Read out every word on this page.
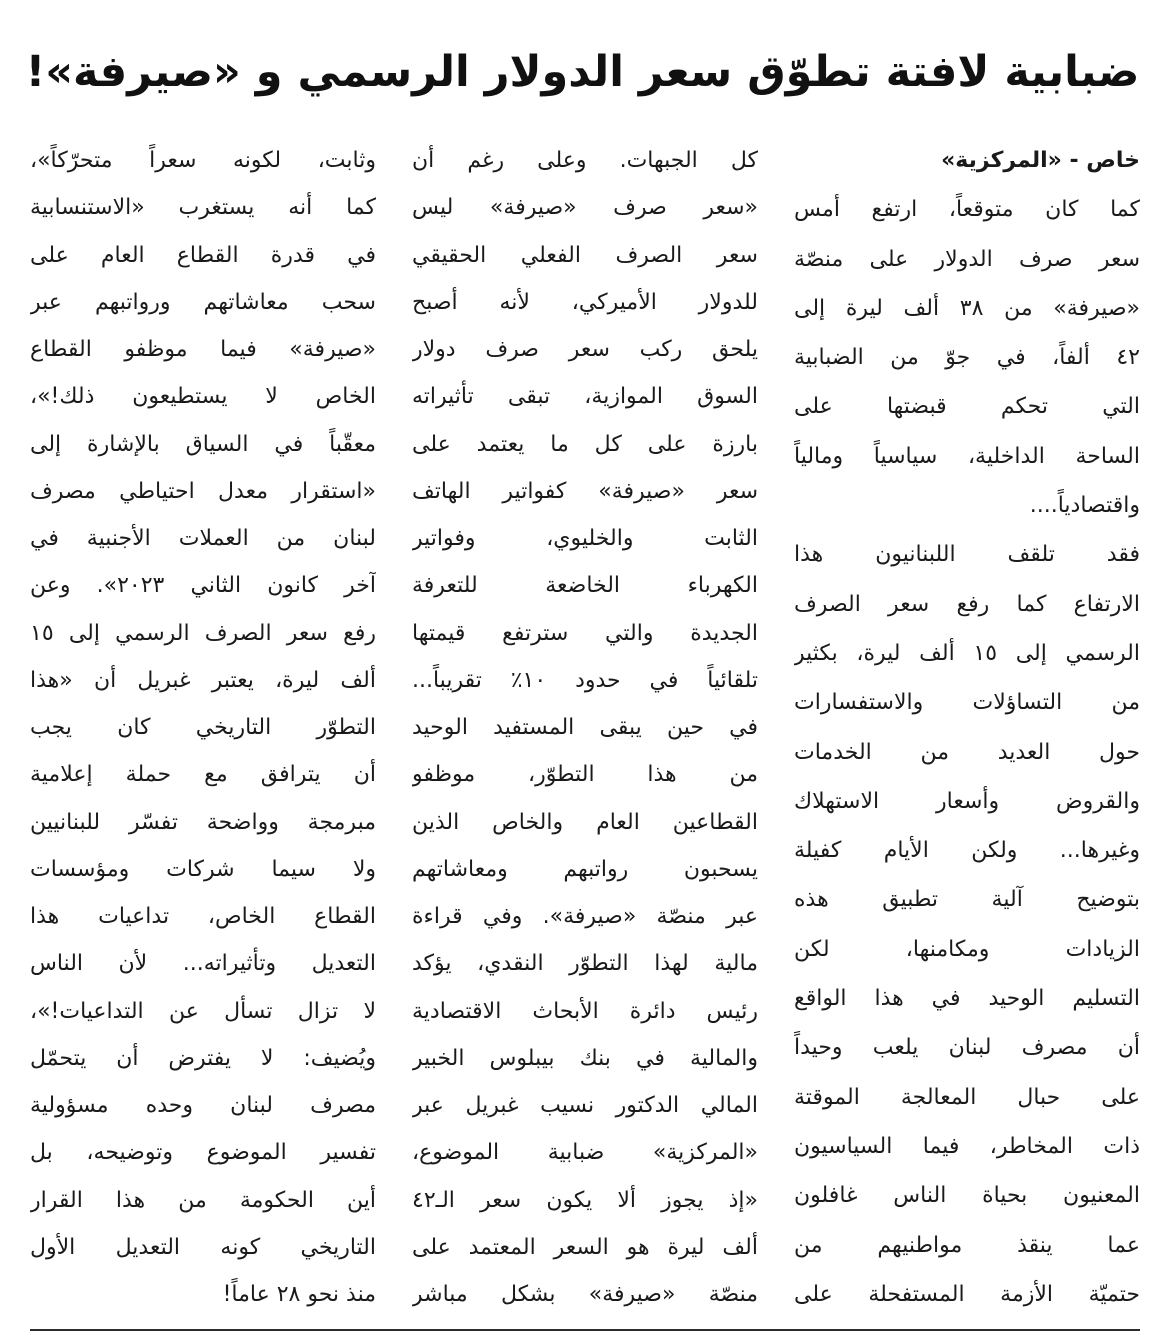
ضبابية لافتة تطوّق سعر الدولار الرسمي و «صيرفة»!
خاص - «المركزية»
كما كان متوقعاً، ارتفع أمس
سعر صرف الدولار على منصّة
«صيرفة» من ٣٨ ألف ليرة إلى
٤٢ ألفاً، في جوّ من الضبابية
التي تحكم قبضتها على
الساحة الداخلية، سياسياً ومالياً
واقتصادياً....
فقد تلقف اللبنانيون هذا
الارتفاع كما رفع سعر الصرف
الرسمي إلى ١٥ ألف ليرة، بكثير
من التساؤلات والاستفسارات
حول العديد من الخدمات
والقروض وأسعار الاستهلاك
وغيرها... ولكن الأيام كفيلة
بتوضيح آلية تطبيق هذه
الزيادات ومكامنها، لكن
التسليم الوحيد في هذا الواقع
أن مصرف لبنان يلعب وحيداً
على حبال المعالجة الموقتة
ذات المخاطر، فيما السياسيون
المعنيون بحياة الناس غافلون
عما ينقذ مواطنيهم من
حتميّة الأزمة المستفحلة على
كل الجبهات. وعلى رغم أن
«سعر صرف «صيرفة» ليس
سعر الصرف الفعلي الحقيقي
للدولار الأميركي، لأنه أصبح
يلحق ركب سعر صرف دولار
السوق الموازية، تبقى تأثيراته
بارزة على كل ما يعتمد على
سعر «صيرفة» كفواتير الهاتف
الثابت والخليوي، وفواتير
الكهرباء الخاضعة للتعرفة
الجديدة والتي سترتفع قيمتها
تلقائياً في حدود ١٠٪ تقريباً...
في حين يبقى المستفيد الوحيد
من هذا التطوّر، موظفو
القطاعين العام والخاص الذين
يسحبون رواتبهم ومعاشاتهم
عبر منصّة «صيرفة». وفي قراءة
مالية لهذا التطوّر النقدي، يؤكد
رئيس دائرة الأبحاث الاقتصادية
والمالية في بنك بيبلوس الخبير
المالي الدكتور نسيب غبريل عبر
«المركزية» ضبابية الموضوع،
«إذ يجوز ألا يكون سعر الـ٤٢
ألف ليرة هو السعر المعتمد على
منصّة «صيرفة» بشكل مباشر
وثابت، لكونه سعراً متحرّكاً»،
كما أنه يستغرب «الاستنسابية
في قدرة القطاع العام على
سحب معاشاتهم ورواتبهم عبر
«صيرفة» فيما موظفو القطاع
الخاص لا يستطيعون ذلك!»،
معقّباً في السياق بالإشارة إلى
«استقرار معدل احتياطي مصرف
لبنان من العملات الأجنبية في
آخر كانون الثاني ٢٠٢٣». وعن
رفع سعر الصرف الرسمي إلى ١٥
ألف ليرة، يعتبر غبريل أن «هذا
التطوّر التاريخي كان يجب
أن يترافق مع حملة إعلامية
مبرمجة وواضحة تفسّر للبنانيين
ولا سيما شركات ومؤسسات
القطاع الخاص، تداعيات هذا
التعديل وتأثيراته... لأن الناس
لا تزال تسأل عن التداعيات!»،
ويُضيف: لا يفترض أن يتحمّل
مصرف لبنان وحده مسؤولية
تفسير الموضوع وتوضيحه، بل
أين الحكومة من هذا القرار
التاريخي كونه التعديل الأول
منذ نحو ٢٨ عاماً!
